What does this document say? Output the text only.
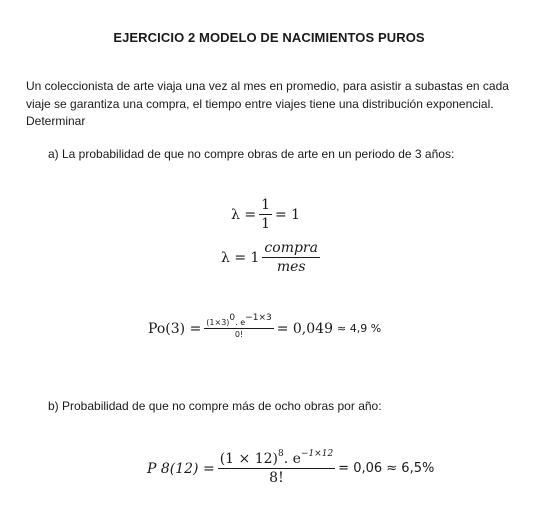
EJERCICIO 2 MODELO DE NACIMIENTOS PUROS
Un coleccionista de arte viaja una vez al mes en promedio, para asistir a subastas en cada viaje se garantiza una compra, el tiempo entre viajes tiene una distribución exponencial. Determinar
a) La probabilidad de que no compre obras de arte en un periodo de 3 años:
$\lambda = \frac{1}{1} = 1$
$\lambda = 1 \frac{\text{compra}}{\text{mes}}$
$Po(3) = \frac{(1\times 3)^0. e^{-1\times 3}}{0!} = 0,049 \approx 4,9$ %
b) Probabilidad de que no compre más de ocho obras por año:
P $8(12) = \frac{(1 \times 12)^8. e^{-1\times 12}}{8!} = 0,06 \approx 6,5\%$
